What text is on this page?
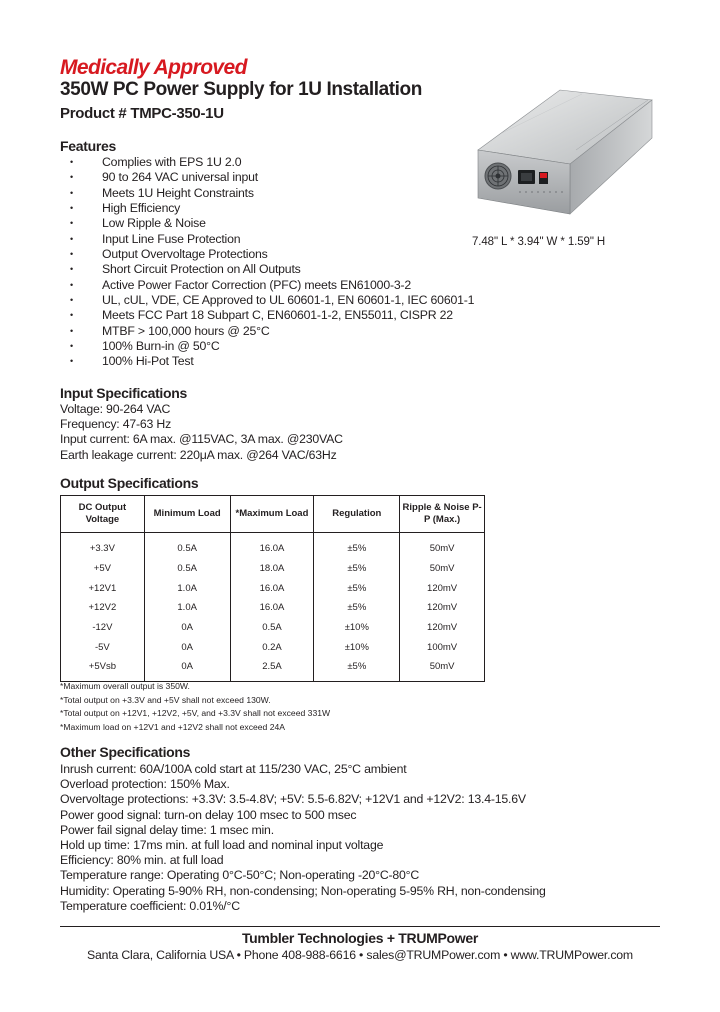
Medically Approved
350W PC Power Supply for 1U Installation
Product # TMPC-350-1U
Features
• Complies with EPS 1U 2.0
• 90 to 264 VAC universal input
• Meets 1U Height Constraints
• High Efficiency
• Low Ripple & Noise
• Input Line Fuse Protection
• Output Overvoltage Protections
• Short Circuit Protection on All Outputs
• Active Power Factor Correction (PFC) meets EN61000-3-2
• UL, cUL, VDE, CE Approved to UL 60601-1, EN 60601-1, IEC 60601-1
• Meets FCC Part 18 Subpart C, EN60601-1-2, EN55011, CISPR 22
• MTBF > 100,000 hours @ 25°C
• 100% Burn-in @ 50°C
• 100% Hi-Pot Test
7.48" L * 3.94" W * 1.59" H
Input Specifications
Voltage: 90-264 VAC
Frequency: 47-63 Hz
Input current: 6A max. @115VAC, 3A max. @230VAC
Earth leakage current: 220μA max. @264 VAC/63Hz
Output Specifications
DC Output Voltage	Minimum Load	*Maximum Load	Regulation	Ripple & Noise P-P (Max.)
+3.3V	0.5A	16.0A	±5%	50mV
+5V	0.5A	18.0A	±5%	50mV
+12V1	1.0A	16.0A	±5%	120mV
+12V2	1.0A	16.0A	±5%	120mV
-12V	0A	0.5A	±10%	120mV
-5V	0A	0.2A	±10%	100mV
+5Vsb	0A	2.5A	±5%	50mV
*Maximum overall output is 350W.
*Total output on +3.3V and +5V shall not exceed 130W.
*Total output on +12V1, +12V2, +5V, and +3.3V shall not exceed 331W
*Maximum load on +12V1 and +12V2 shall not exceed 24A
Other Specifications
Inrush current: 60A/100A cold start at 115/230 VAC, 25°C ambient
Overload protection: 150% Max.
Overvoltage protections: +3.3V: 3.5-4.8V; +5V: 5.5-6.82V; +12V1 and +12V2: 13.4-15.6V
Power good signal: turn-on delay 100 msec to 500 msec
Power fail signal delay time: 1 msec min.
Hold up time: 17ms min. at full load and nominal input voltage
Efficiency: 80% min. at full load
Temperature range: Operating 0°C-50°C; Non-operating -20°C-80°C
Humidity: Operating 5-90% RH, non-condensing; Non-operating 5-95% RH, non-condensing
Temperature coefficient: 0.01%/°C
Tumbler Technologies + TRUMPower
Santa Clara, California USA • Phone 408-988-6616 • sales@TRUMPower.com • www.TRUMPower.com
